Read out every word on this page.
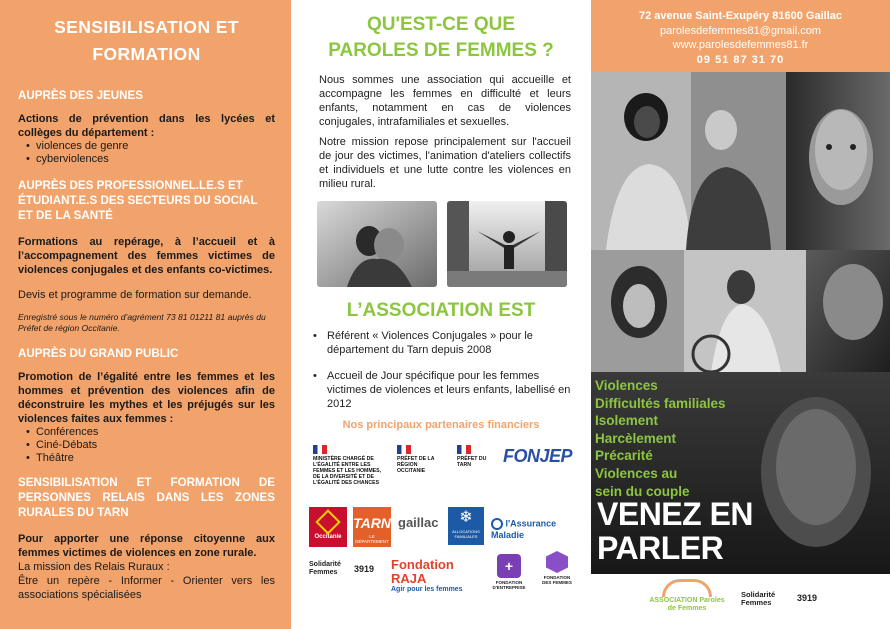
SENSIBILISATION ET
FORMATION
AUPRÈS DES JEUNES
Actions de prévention dans les lycées et collèges du département :
• violences de genre
• cyberviolences
AUPRÈS DES PROFESSIONNEL.LE.S ET ÉTUDIANT.E.S DES SECTEURS DU SOCIAL ET DE LA SANTÉ
Formations au repérage, à l’accueil et à l’accompagnement des femmes victimes de violences conjugales et des enfants co-victimes.
Devis et programme de formation sur demande.
Enregistré sous le numéro d’agrément 73 81 01211 81 auprès du Préfet de région Occitanie.
AUPRÈS DU GRAND PUBLIC
Promotion de l’égalité entre les femmes et les hommes et prévention des violences afin de déconstruire les mythes et les préjugés sur les violences faites aux femmes :
• Conférences
• Ciné-Débats
• Théâtre
SENSIBILISATION ET FORMATION DE PERSONNES RELAIS DANS LES ZONES RURALES DU TARN
Pour apporter une réponse citoyenne aux femmes victimes de violences en zone rurale.
La mission des Relais Ruraux :
Être un repère - Informer - Orienter vers les associations spécialisées
QU'EST-CE QUE
PAROLES DE FEMMES ?
Nous sommes une association qui accueille et accompagne les femmes en difficulté et leurs enfants, notamment en cas de violences conjugales, intrafamiliales et sexuelles.
Notre mission repose principalement sur l'accueil de jour des victimes, l'animation d'ateliers collectifs et individuels et une lutte contre les violences en milieu rural.
L’ASSOCIATION EST
• Référent « Violences Conjugales » pour le département du Tarn depuis 2008
• Accueil de Jour spécifique pour les femmes victimes de violences et leurs enfants, labellisé en 2012
Nos principaux partenaires financiers
MINISTÈRE CHARGÉ DE L'ÉGALITÉ ENTRE LES FEMMES ET LES HOMMES, DE LA DIVERSITÉ ET DE L'ÉGALITÉ DES CHANCES
PRÉFET DE LA RÉGION OCCITANIE
PRÉFET DU TARN	FONJEP
Occitanie
TARN
LE DÉPARTEMENT
gaillac	❄
ALLOCATIONS FAMILIALES
l'Assurance Maladie
Solidarité Femmes	3919	Fondation RAJA
Agir pour les femmes
+
FONDATION D'ENTREPRISE
FONDATION DES FEMMES
72 avenue Saint-Exupéry 81600 Gaillac
parolesdefemmes81@gmail.com
www.parolesdefemmes81.fr
09 51 87 31 70
Violences
Difficultés familiales
Isolement
Harcèlement
Précarité
Violences au
sein du couple
VENEZ EN
PARLER
ASSOCIATION Paroles de Femmes
Solidarité Femmes	3919
